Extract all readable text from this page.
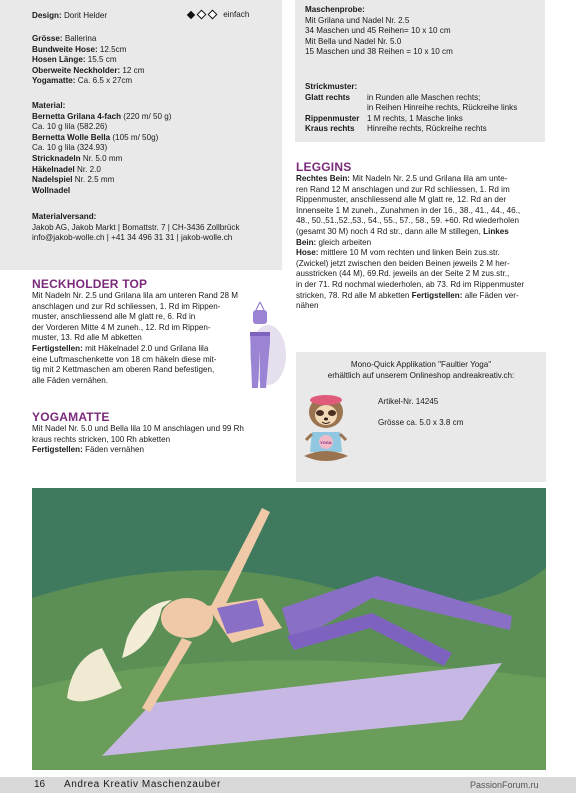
Design: Dorit Helder	einfach
Grösse: Ballerina
Bundweite Hose: 12.5cm
Hosen Länge: 15.5 cm
Oberweite Neckholder: 12 cm
Yogamatte: Ca. 6.5 x 27cm
Material:
Bernetta Grilana 4-fach (220 m/ 50 g)
Ca. 10 g lila (582.26)
Bernetta Wolle Bella (105 m/ 50g)
Ca. 10 g lila (324.93)
Stricknadeln Nr. 5.0 mm
Häkelnadel Nr. 2.0
Nadelspiel Nr. 2.5 mm
Wollnadel
Materialversand:
Jakob AG, Jakob Markt | Bomattstr. 7 | CH-3436 Zollbrück
info@jakob-wolle.ch | +41 34 496 31 31 | jakob-wolle.ch
Maschenprobe:
Mit Grilana und Nadel Nr. 2.5
34 Maschen und 45 Reihen= 10 x 10 cm
Mit Bella und Nadel Nr. 5.0
15 Maschen und 38 Reihen = 10 x 10 cm
Strickmuster:
Glatt rechts in Runden alle Maschen rechts;
in Reihen Hinreihe rechts, Rückreihe links
Rippenmuster 1 M rechts, 1 Masche links
Kraus rechts Hinreihe rechts, Rückreihe rechts
NECKHOLDER TOP
Mit Nadeln Nr. 2.5 und Grilana lila am unteren Rand 28 M
anschlagen und zur Rd schliessen, 1. Rd im Rippen-
muster, anschliessend alle M glatt re, 6. Rd in
der Vorderen Mitte 4 M zuneh., 12. Rd im Rippen-
muster, 13. Rd alle M abketten
Fertigstellen: mit Häkelnadel 2.0 und Grilana lila
eine Luftmaschenkette von 18 cm häkeln diese mit-
tig mit 2 Kettmaschen am oberen Rand befestigen,
alle Fäden vernähen.
YOGAMATTE
Mit Nadel Nr. 5.0 und Bella lila 10 M anschlagen und 99 Rh
kraus rechts stricken, 100 Rh abketten
Fertigstellen: Fäden vernähen
LEGGINS
Rechtes Bein: Mit Nadeln Nr. 2.5 und Grilana lila am unte-
ren Rand 12 M anschlagen und zur Rd schliessen, 1. Rd im
Rippenmuster, anschliessend alle M glatt re, 12. Rd an der
Innenseite 1 M zuneh., Zunahmen in der 16., 38., 41., 44., 46.,
48., 50.,51.,52.,53., 54., 55., 57., 58., 59. +60. Rd wiederholen
(gesamt 30 M) noch 4 Rd str., dann alle M stillegen, Linkes
Bein: gleich arbeiten
Hose: mittlere 10 M vom rechten und linken Bein zus.str.
(Zwickel) jetzt zwischen den beiden Beinen jeweils 2 M her-
ausstricken (44 M), 69.Rd. jeweils an der Seite 2 M zus.str.,
in der 71. Rd nochmal wiederholen, ab 73. Rd im Rippenmuster
stricken, 78. Rd alle M abketten Fertigstellen: alle Fäden ver-
nähen
Mono-Quick Applikation "Faultier Yoga"
erhältlich auf unserem Onlineshop andreakreativ.ch:
Artikel-Nr. 14245
Grösse ca. 5.0 x 3.8 cm
YOGA
16 Andrea Kreativ Maschenzauber	PassionForum.ru
